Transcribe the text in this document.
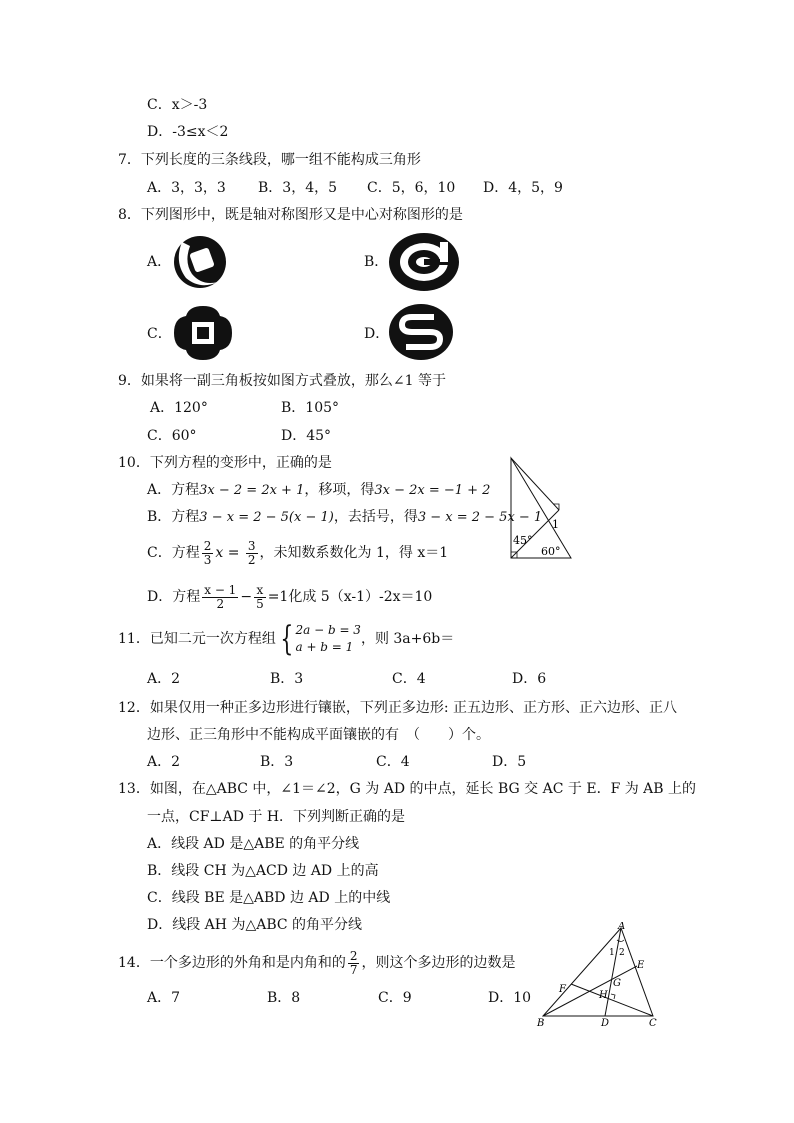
C．x＞-3
D．-3≤x＜2
7．下列长度的三条线段，哪一组不能构成三角形
A．3，3，3 B．3，4，5 C．5，6，10 D．4，5，9
8．下列图形中，既是轴对称图形又是中心对称图形的是
A．	B．
C．	D．
9．如果将一副三角板按如图方式叠放，那么∠1 等于
A．120°	B．105°
C．60°	D．45°
45°
60°
1
10．下列方程的变形中，正确的是
A．方程3x − 2 = 2x + 1，移项，得3x − 2x = −1 + 2
B．方程3 − x = 2 − 5(x − 1)，去括号，得3 − x = 2 − 5x − 1
C．方程 $\frac{2}{3}$ $x = \frac{3}{2}$ ，未知数系数化为 1，得 x＝1
D．方程 $\frac{x - 1}{2} - \frac{x}{5} =1$化成 5（x-1）-2x＝10
11．已知二元一次方程组 { 2a − b = 3
a + b = 1 ，则 3a+6b＝
A．2	B．3	C．4	D．6
12．如果仅用一种正多边形进行镶嵌，下列正多边形: 正五边形、正方形、正六边形、正八
边形、正三角形中不能构成平面镶嵌的有　（　　）个。
A．2	B．3	C．4	D．5
13．如图，在△ABC 中，∠1＝∠2，G 为 AD 的中点，延长 BG 交 AC 于 E．F 为 AB 上的
一点，CF⊥AD 于 H．下列判断正确的是
A．线段 AD 是△ABE 的角平分线
B．线段 CH 为△ACD 边 AD 上的高
C．线段 BE 是△ABD 边 AD 上的中线
D．线段 AH 为△ABC 的角平分线
14．一个多边形的外角和是内角和的 $\frac{2}{7}$ ，则这个多边形的边数是
A．7	B．8	C．9	D．10
A
B	C
D
E
F
G
H
1 2
